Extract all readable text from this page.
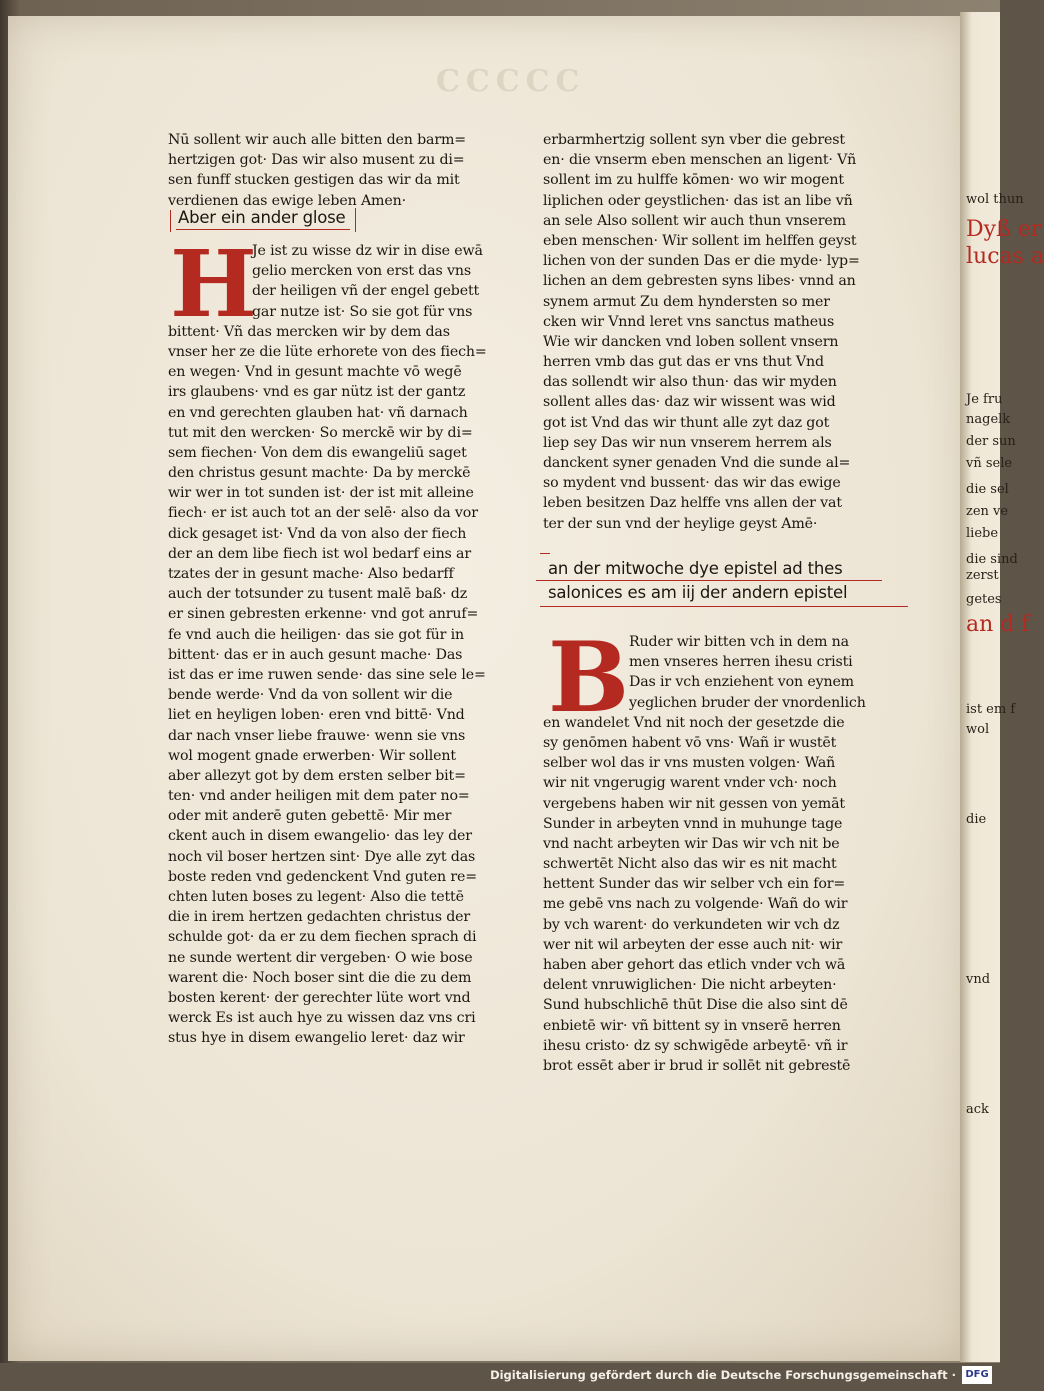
wol thun
Dyß er
lucas a
Je fru
nagelk
der sun
vñ sele
die sel
zen ve
liebe
die sind
zerst
getes
an d f
ist em f
wol
die
vnd
ack
CCCCC
Nū sollent wir auch alle bitten den barm=
hertzigen got· Das wir also musent zu di=
sen funff stucken gestigen das wir da mit
verdienen das ewige leben Amen·
Aber ein ander glose
H
Je ist zu wisse dz wir in dise ewā
gelio mercken von erst das vns
der heiligen vñ der engel gebett
gar nutze ist· So sie got für vns
bittent· Vñ das mercken wir by dem das
vnser her ze die lüte erhorete von des fiech=
en wegen· Vnd in gesunt machte vō wegē
irs glaubens· vnd es gar nütz ist der gantz
en vnd gerechten glauben hat· vñ darnach
tut mit den wercken· So merckē wir by di=
sem fiechen· Von dem dis ewangeliū saget
den christus gesunt machte· Da by merckē
wir wer in tot sunden ist· der ist mit alleine
fiech· er ist auch tot an der selē· also da vor
dick gesaget ist· Vnd da von also der fiech
der an dem libe fiech ist wol bedarf eins ar
tzates der in gesunt mache· Also bedarff
auch der totsunder zu tusent malē baß· dz
er sinen gebresten erkenne· vnd got anruf=
fe vnd auch die heiligen· das sie got für in
bittent· das er in auch gesunt mache· Das
ist das er ime ruwen sende· das sine sele le=
bende werde· Vnd da von sollent wir die
liet en heyligen loben· eren vnd bittē· Vnd
dar nach vnser liebe frauwe· wenn sie vns
wol mogent gnade erwerben· Wir sollent
aber allezyt got by dem ersten selber bit=
ten· vnd ander heiligen mit dem pater no=
oder mit anderē guten gebettē· Mir mer
ckent auch in disem ewangelio· das ley der
noch vil boser hertzen sint· Dye alle zyt das
boste reden vnd gedenckent Vnd guten re=
chten luten boses zu legent· Also die tettē
die in irem hertzen gedachten christus der
schulde got· da er zu dem fiechen sprach di
ne sunde wertent dir vergeben· O wie bose
warent die· Noch boser sint die die zu dem
bosten kerent· der gerechter lüte wort vnd
werck Es ist auch hye zu wissen daz vns cri
stus hye in disem ewangelio leret· daz wir
erbarmhertzig sollent syn vber die gebrest
en· die vnserm eben menschen an ligent· Vñ
sollent im zu hulffe kōmen· wo wir mogent
liplichen oder geystlichen· das ist an libe vñ
an sele Also sollent wir auch thun vnserem
eben menschen· Wir sollent im helffen geyst
lichen von der sunden Das er die myde· lyp=
lichen an dem gebresten syns libes· vnnd an
synem armut Zu dem hyndersten so mer
cken wir Vnnd leret vns sanctus matheus
Wie wir dancken vnd loben sollent vnsern
herren vmb das gut das er vns thut Vnd
das sollendt wir also thun· das wir myden
sollent alles das· daz wir wissent was wid
got ist Vnd das wir thunt alle zyt daz got
liep sey Das wir nun vnserem herrem als
danckent syner genaden Vnd die sunde al=
so mydent vnd bussent· das wir das ewige
leben besitzen Daz helffe vns allen der vat
ter der sun vnd der heylige geyst Amē·
an der mitwoche dye epistel ad thes
salonices es am iij der andern epistel
B Ruder wir bitten vch in dem na
men vnseres herren ihesu cristi
Das ir vch enziehent von eynem
yeglichen bruder der vnordenlich
en wandelet Vnd nit noch der gesetzde die
sy genōmen habent vō vns· Wañ ir wustēt
selber wol das ir vns musten volgen· Wañ
wir nit vngerugig warent vnder vch· noch
vergebens haben wir nit gessen von yemāt
Sunder in arbeyten vnnd in muhunge tage
vnd nacht arbeyten wir Das wir vch nit be
schwertēt Nicht also das wir es nit macht
hettent Sunder das wir selber vch ein for=
me gebē vns nach zu volgende· Wañ do wir
by vch warent· do verkundeten wir vch dz
wer nit wil arbeyten der esse auch nit· wir
haben aber gehort das etlich vnder vch wā
delent vnruwiglichen· Die nicht arbeyten·
Sund hubschlichē thūt Dise die also sint dē
enbietē wir· vñ bittent sy in vnserē herren
ihesu cristo· dz sy schwigēde arbeytē· vñ ir
brot essēt aber ir brud ir sollēt nit gebrestē
Digitalisierung gefördert durch die Deutsche Forschungsgemeinschaft · DFG
